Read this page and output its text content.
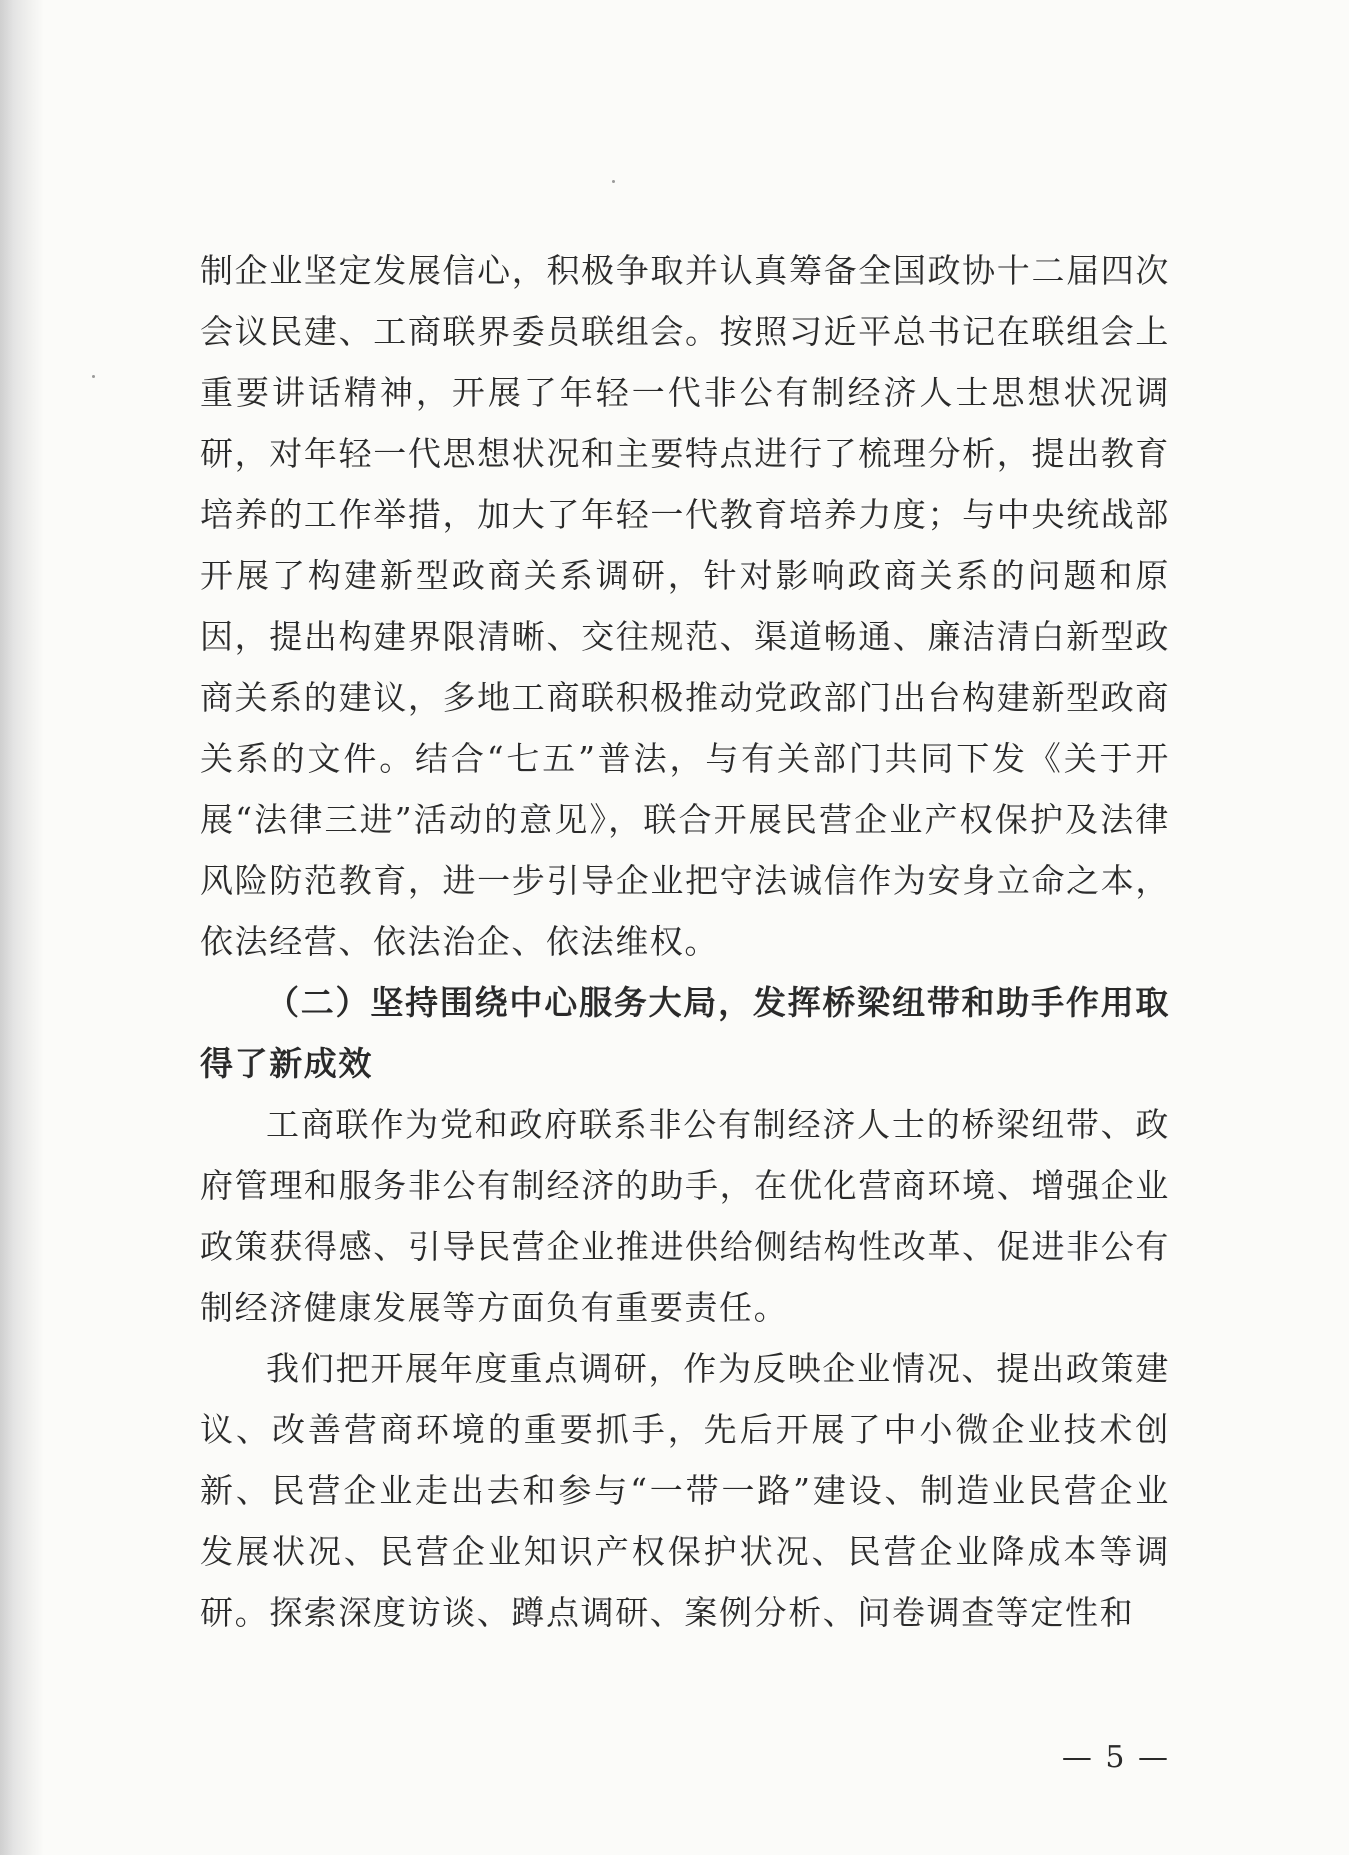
制企业坚定发展信心，积极争取并认真筹备全国政协十二届四次会议民建、工商联界委员联组会。按照习近平总书记在联组会上重要讲话精神，开展了年轻一代非公有制经济人士思想状况调研，对年轻一代思想状况和主要特点进行了梳理分析，提出教育培养的工作举措，加大了年轻一代教育培养力度；与中央统战部开展了构建新型政商关系调研，针对影响政商关系的问题和原因，提出构建界限清晰、交往规范、渠道畅通、廉洁清白新型政商关系的建议，多地工商联积极推动党政部门出台构建新型政商关系的文件。结合“七五”普法，与有关部门共同下发《关于开展“法律三进”活动的意见》，联合开展民营企业产权保护及法律风险防范教育，进一步引导企业把守法诚信作为安身立命之本，依法经营、依法治企、依法维权。

（二）坚持围绕中心服务大局，发挥桥梁纽带和助手作用取得了新成效

工商联作为党和政府联系非公有制经济人士的桥梁纽带、政府管理和服务非公有制经济的助手，在优化营商环境、增强企业政策获得感、引导民营企业推进供给侧结构性改革、促进非公有制经济健康发展等方面负有重要责任。

我们把开展年度重点调研，作为反映企业情况、提出政策建议、改善营商环境的重要抓手，先后开展了中小微企业技术创新、民营企业走出去和参与“一带一路”建设、制造业民营企业发展状况、民营企业知识产权保护状况、民营企业降成本等调研。探索深度访谈、蹲点调研、案例分析、问卷调查等定性和

— 5 —
